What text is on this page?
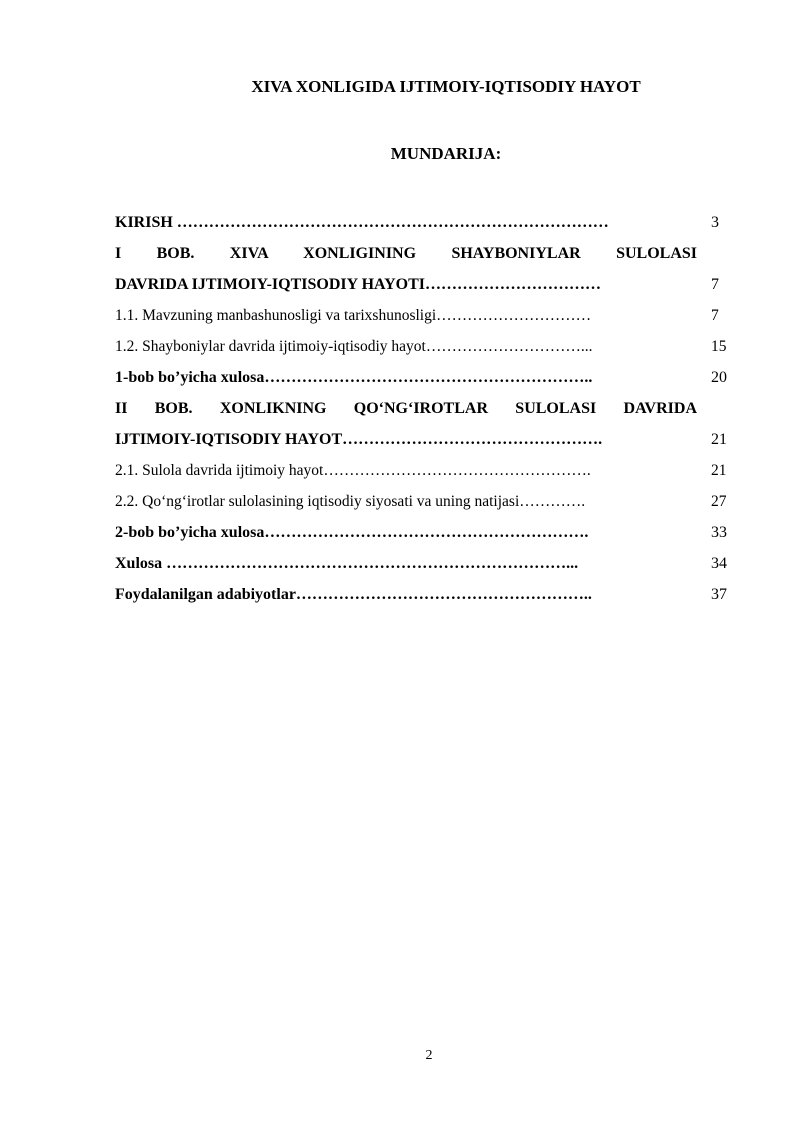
XIVA XONLIGIDA IJTIMOIY-IQTISODIY HAYOT
MUNDARIJA:
KIRISH ………………………………………………………………………	3
I BOB. XIVA XONLIGINING SHAYBONIYLAR SULOLASI
DAVRIDA IJTIMOIY-IQTISODIY HAYOTI……………………………	7
1.1. Mavzuning manbashunosligi va tarixshunosligi…………………………	7
1.2. Shayboniylar davrida ijtimoiy-iqtisodiy hayot…………………………...	15
1-bob bo’yicha xulosa……………………………………………………..	20
II BOB. XONLIKNING QO‘NG‘IROTLAR SULOLASI DAVRIDA
IJTIMOIY-IQTISODIY HAYOT………………………………………….	21
2.1. Sulola davrida ijtimoiy hayot…………………………………………….	21
2.2. Qo‘ng‘irotlar sulolasining iqtisodiy siyosati va uning natijasi………….	27
2-bob bo’yicha xulosa…………………………………………………….	33
Xulosa …………………………………………………………………...	34
Foydalanilgan adabiyotlar………………………………………………..	37
2
